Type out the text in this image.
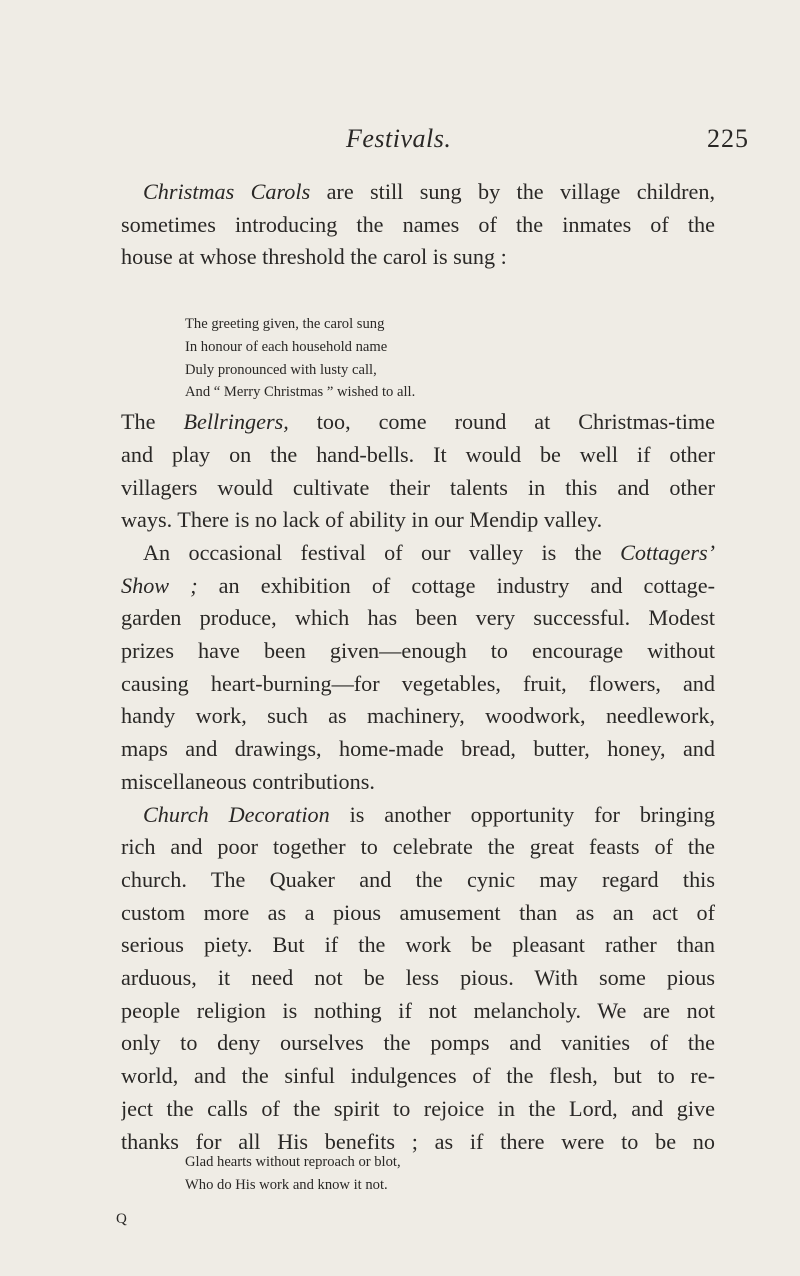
Festivals.	225
Christmas Carols are still sung by the village children,
sometimes introducing the names of the inmates of the
house at whose threshold the carol is sung :
The Bellringers, too, come round at Christmas-time
and play on the hand-bells. It would be well if other
villagers would cultivate their talents in this and other
ways. There is no lack of ability in our Mendip valley.
An occasional festival of our valley is the Cottagers’
Show ; an exhibition of cottage industry and cottage-
garden produce, which has been very successful. Modest
prizes have been given—enough to encourage without
causing heart-burning—for vegetables, fruit, flowers, and
handy work, such as machinery, woodwork, needlework,
maps and drawings, home-made bread, butter, honey, and
miscellaneous contributions.
Church Decoration is another opportunity for bringing
rich and poor together to celebrate the great feasts of the
church. The Quaker and the cynic may regard this
custom more as a pious amusement than as an act of
serious piety. But if the work be pleasant rather than
arduous, it need not be less pious. With some pious
people religion is nothing if not melancholy. We are not
only to deny ourselves the pomps and vanities of the
world, and the sinful indulgences of the flesh, but to re-
ject the calls of the spirit to rejoice in the Lord, and give
thanks for all His benefits ; as if there were to be no
The greeting given, the carol sung
In honour of each household name
Duly pronounced with lusty call,
And “ Merry Christmas ” wished to all.
Glad hearts without reproach or blot,
Who do His work and know it not.
Q
